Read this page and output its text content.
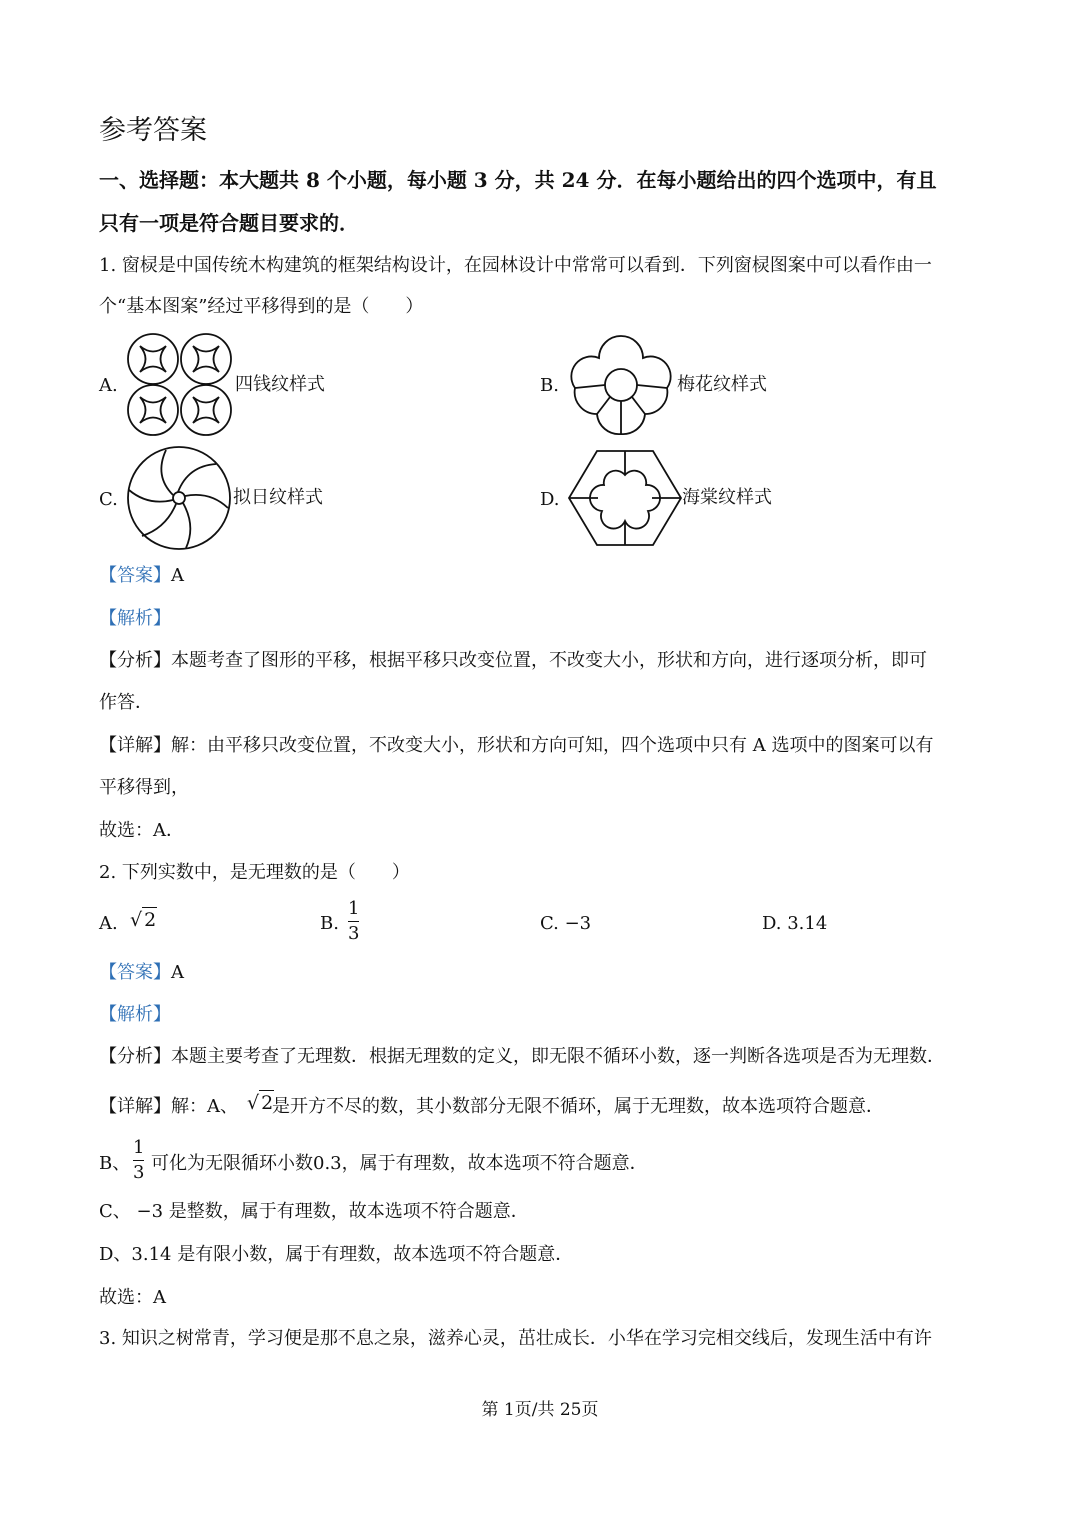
参考答案
一、选择题：本大题共 8 个小题，每小题 3 分，共 24 分．在每小题给出的四个选项中，有且
只有一项是符合题目要求的．
1. 窗棂是中国传统木构建筑的框架结构设计，在园林设计中常常可以看到．下列窗棂图案中可以看作由一
个“基本图案”经过平移得到的是（　　）
A.	四钱纹样式	B.	梅花纹样式
C.	拟日纹样式	D.	海棠纹样式
【答案】A
【解析】
【分析】本题考查了图形的平移，根据平移只改变位置，不改变大小，形状和方向，进行逐项分析，即可
作答．
【详解】解：由平移只改变位置，不改变大小，形状和方向可知，四个选项中只有 A 选项中的图案可以有
平移得到，
故选：A．
2. 下列实数中，是无理数的是（　　）
A. √ 2	B.
1
3	C. −3	D. 3.14
【答案】A
【解析】
【分析】本题主要考查了无理数．根据无理数的定义，即无限不循环小数，逐一判断各选项是否为无理数．
【详解】解：A、 是开方不尽的数，其小数部分无限不循环，属于无理数，故本选项符合题意．
√ 2
B、
1
3 可化为无限循环小数0.3，属于有理数，故本选项不符合题意．
C、 −3 是整数，属于有理数，故本选项不符合题意．
D、3.14 是有限小数，属于有理数，故本选项不符合题意．
故选：A
3. 知识之树常青，学习便是那不息之泉，滋养心灵，茁壮成长．小华在学习完相交线后，发现生活中有许
第 1页/共 25页
